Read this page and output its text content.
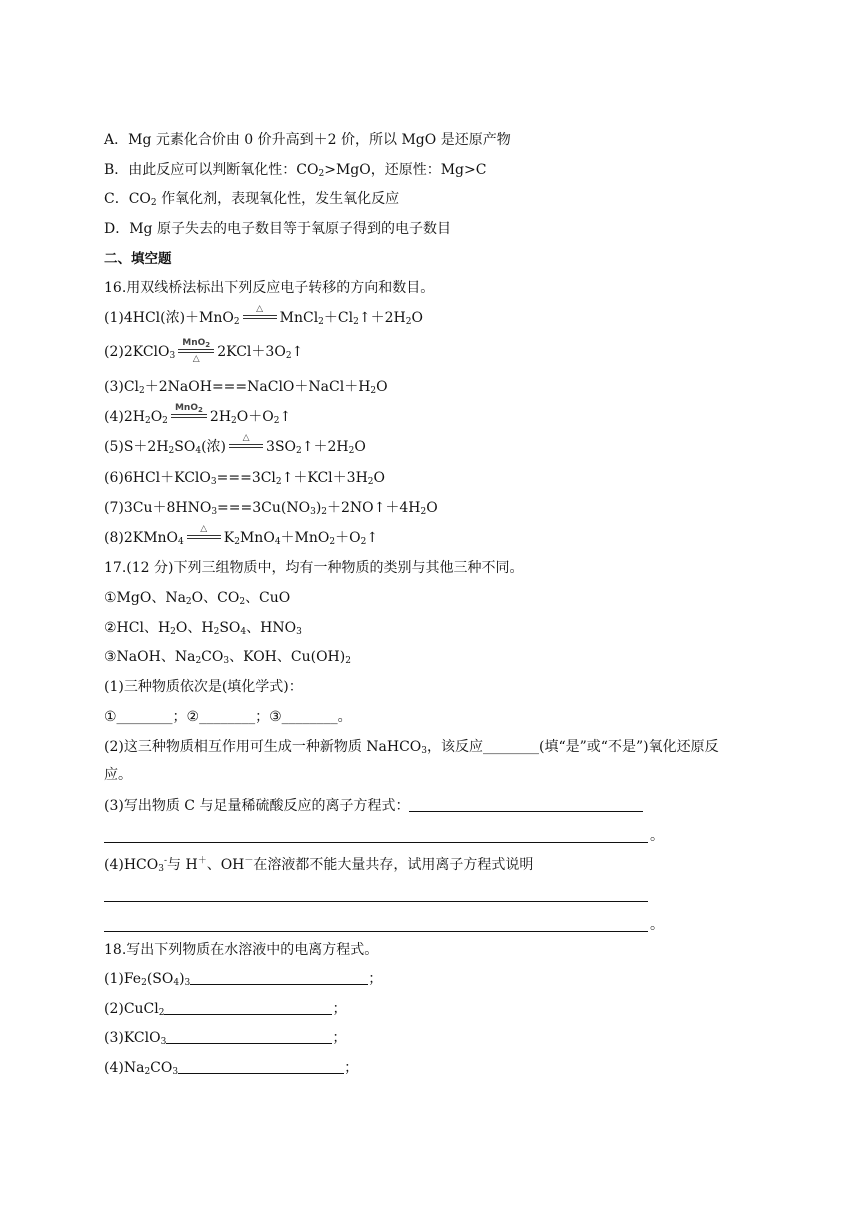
A．Mg 元素化合价由 0 价升高到＋2 价，所以 MgO 是还原产物
B．由此反应可以判断氧化性：$CO_2>MgO$，还原性：Mg>C
C．$CO_2$ 作氧化剂，表现氧化性，发生氧化反应
D．Mg 原子失去的电子数目等于氧原子得到的电子数目
二、填空题
16.用双线桥法标出下列反应电子转移的方向和数目。
(1)4HCl(浓)＋MnO$_2$
△
$MnCl_2+Cl_2↑+2H_2O$
(2)2KClO$_3$
MnO$_2$
△	$2KCl+3O_2↑$
$(3)Cl_2+2NaOH===NaClO+NaCl+H_2O$
$(4)2H_2O_2$
MnO$_2$ $2H_2O+O_2↑$
$(5)S+2H_2SO_4$(浓)
△
$3SO_2↑+2H_2O$
$(6)6HCl+KClO_3===3Cl_2↑+KCl+3H_2O$
$(7)3Cu+8HNO_3===3Cu(NO_3)_2+2NO↑+4H_2O$
(8)2KMnO$_4$
△
$K_2MnO_4+MnO_2+O_2↑$
17.(12 分)下列三组物质中，均有一种物质的类别与其他三种不同。
①MgO、$Na_2O$、$CO_2$、CuO
②HCl、$H_2O$、$H_2SO_4$、$HNO_3$
③NaOH、$Na_2CO_3$、KOH、$Cu(OH)_2$
(1)三种物质依次是(填化学式)：
①________；②________；③________。
(2)这三种物质相互作用可生成一种新物质 NaHCO$_3$，该反应________(填“是”或“不是”)氧化还原反
应。
(3)写出物质 C 与足量稀硫酸反应的离子方程式：
。
$(4)HCO_3^-$与 H＋、OH－在溶液都不能大量共存，试用离子方程式说明
。
18.写出下列物质在水溶液中的电离方程式。
$(1)Fe_2(SO_4)_3$	；
(2)CuCl$_2$	；
(3)KClO$_3$	；
$(4)Na_2CO_3$	；
